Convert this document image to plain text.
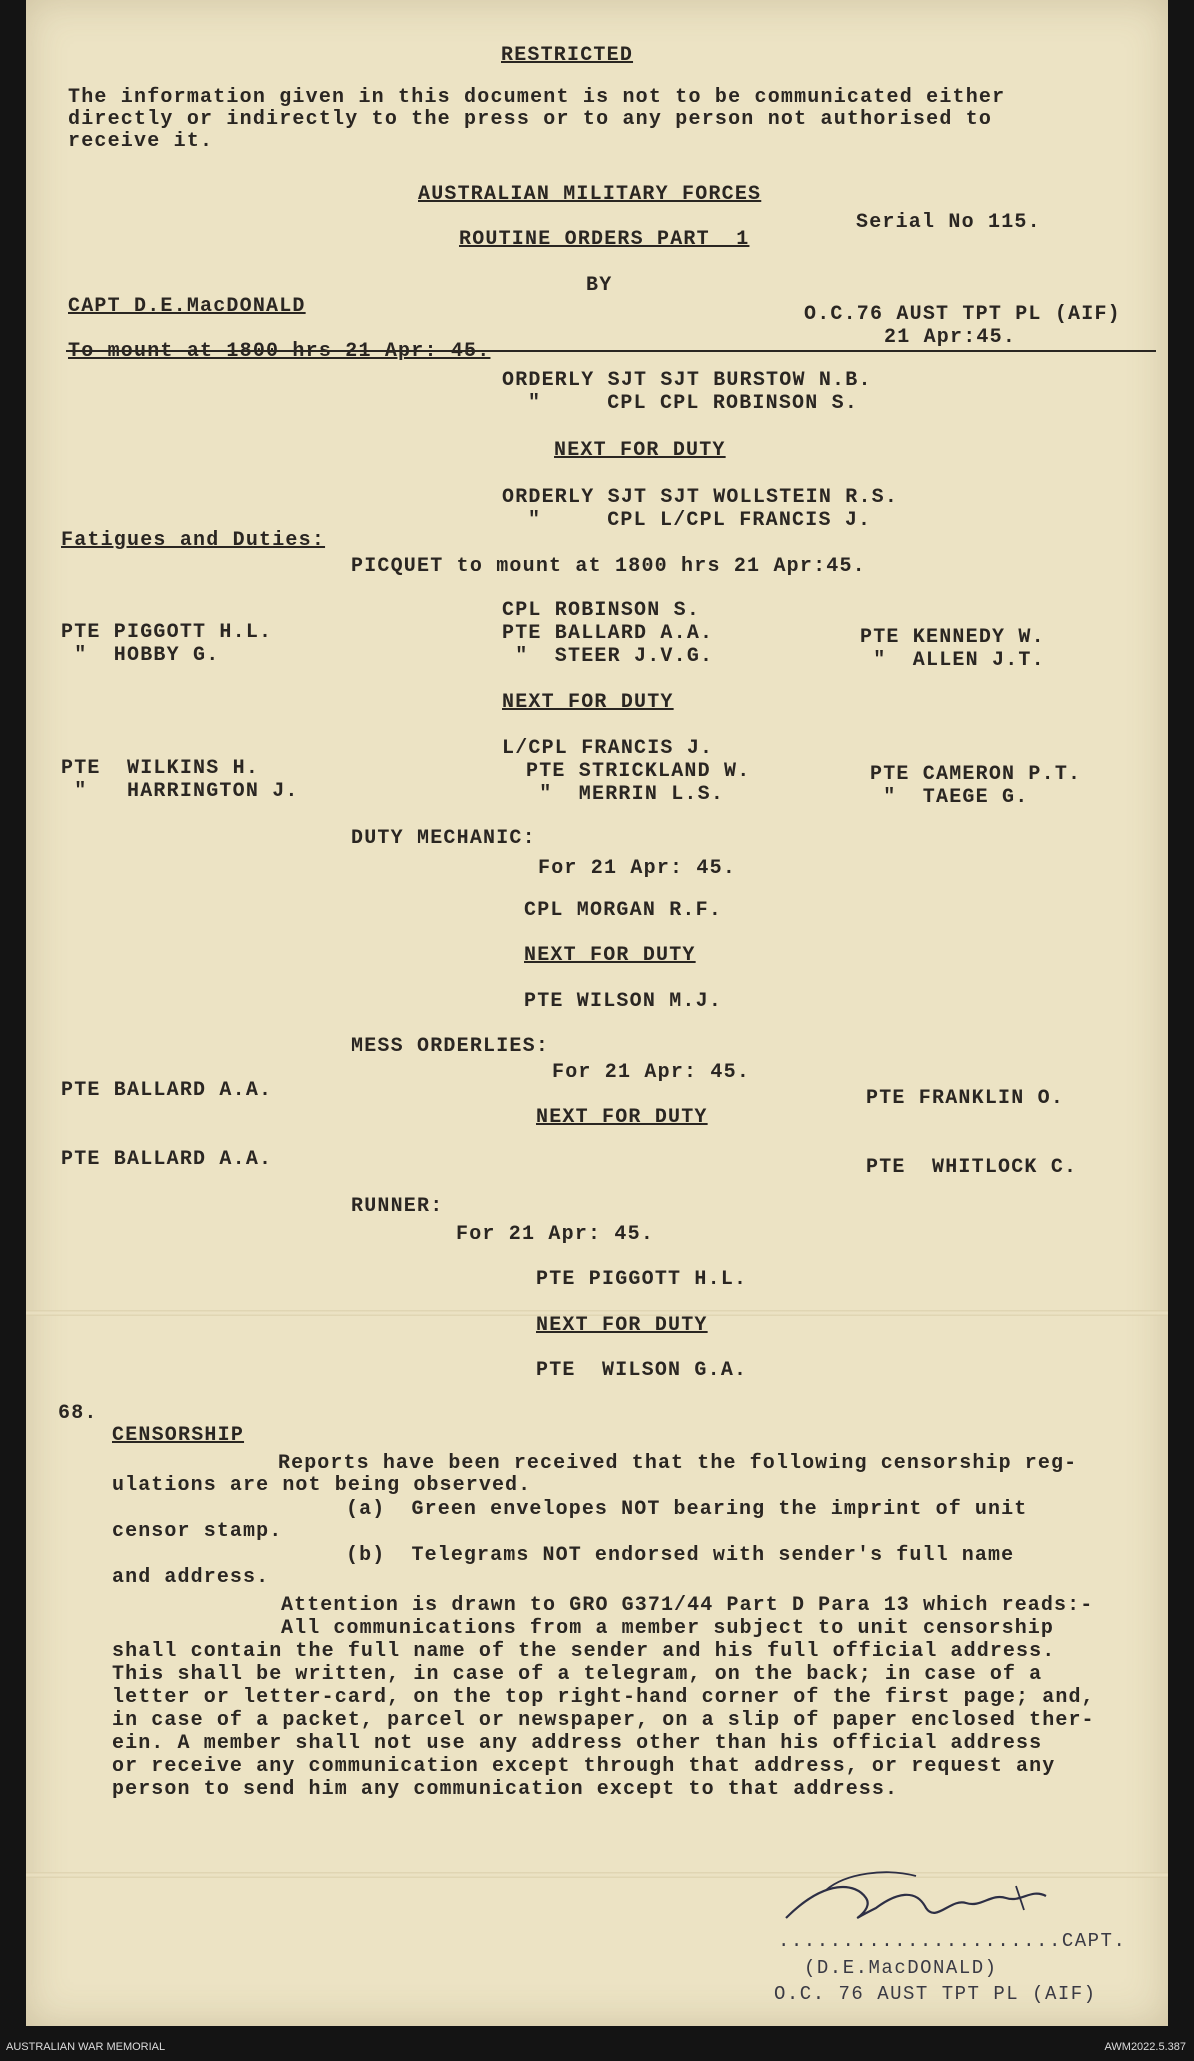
RESTRICTED
The information given in this document is not to be communicated either
directly or indirectly to the press or to any person not authorised to
receive it.
AUSTRALIAN MILITARY FORCES
Serial No 115.
ROUTINE ORDERS PART  1
BY
CAPT D.E.MacDONALD	O.C.76 AUST TPT PL (AIF)
21 Apr:45.
To mount at 1800 hrs 21 Apr: 45.
ORDERLY SJT SJT BURSTOW N.B.
"     CPL CPL ROBINSON S.
NEXT FOR DUTY
ORDERLY SJT SJT WOLLSTEIN R.S.
"     CPL L/CPL FRANCIS J.
Fatigues and Duties:
PICQUET to mount at 1800 hrs 21 Apr:45.
CPL ROBINSON S.
PTE PIGGOTT H.L.	PTE BALLARD A.A.	PTE KENNEDY W.
"  HOBBY G.	"  STEER J.V.G.	"  ALLEN J.T.
NEXT FOR DUTY
L/CPL FRANCIS J.
PTE  WILKINS H.	PTE STRICKLAND W.	PTE CAMERON P.T.
"   HARRINGTON J.	"  MERRIN L.S.	"  TAEGE G.
DUTY MECHANIC:
For 21 Apr: 45.
CPL MORGAN R.F.
NEXT FOR DUTY
PTE WILSON M.J.
MESS ORDERLIES:
For 21 Apr: 45.
PTE BALLARD A.A.	PTE FRANKLIN O.
NEXT FOR DUTY
PTE BALLARD A.A.	PTE  WHITLOCK C.
RUNNER:
For 21 Apr: 45.
PTE PIGGOTT H.L.
NEXT FOR DUTY
PTE  WILSON G.A.
68.
CENSORSHIP
Reports have been received that the following censorship reg-
ulations are not being observed.
(a)  Green envelopes NOT bearing the imprint of unit
censor stamp.
(b)  Telegrams NOT endorsed with sender's full name
and address.
Attention is drawn to GRO G371/44 Part D Para 13 which reads:-
All communications from a member subject to unit censorship
shall contain the full name of the sender and his full official address.
This shall be written, in case of a telegram, on the back; in case of a
letter or letter-card, on the top right-hand corner of the first page; and,
in case of a packet, parcel or newspaper, on a slip of paper enclosed ther-
ein. A member shall not use any address other than his official address
or receive any communication except through that address, or request any
person to send him any communication except to that address.
......................CAPT.
(D.E.MacDONALD)
O.C. 76 AUST TPT PL (AIF)
AUSTRALIAN WAR MEMORIAL	AWM2022.5.387
